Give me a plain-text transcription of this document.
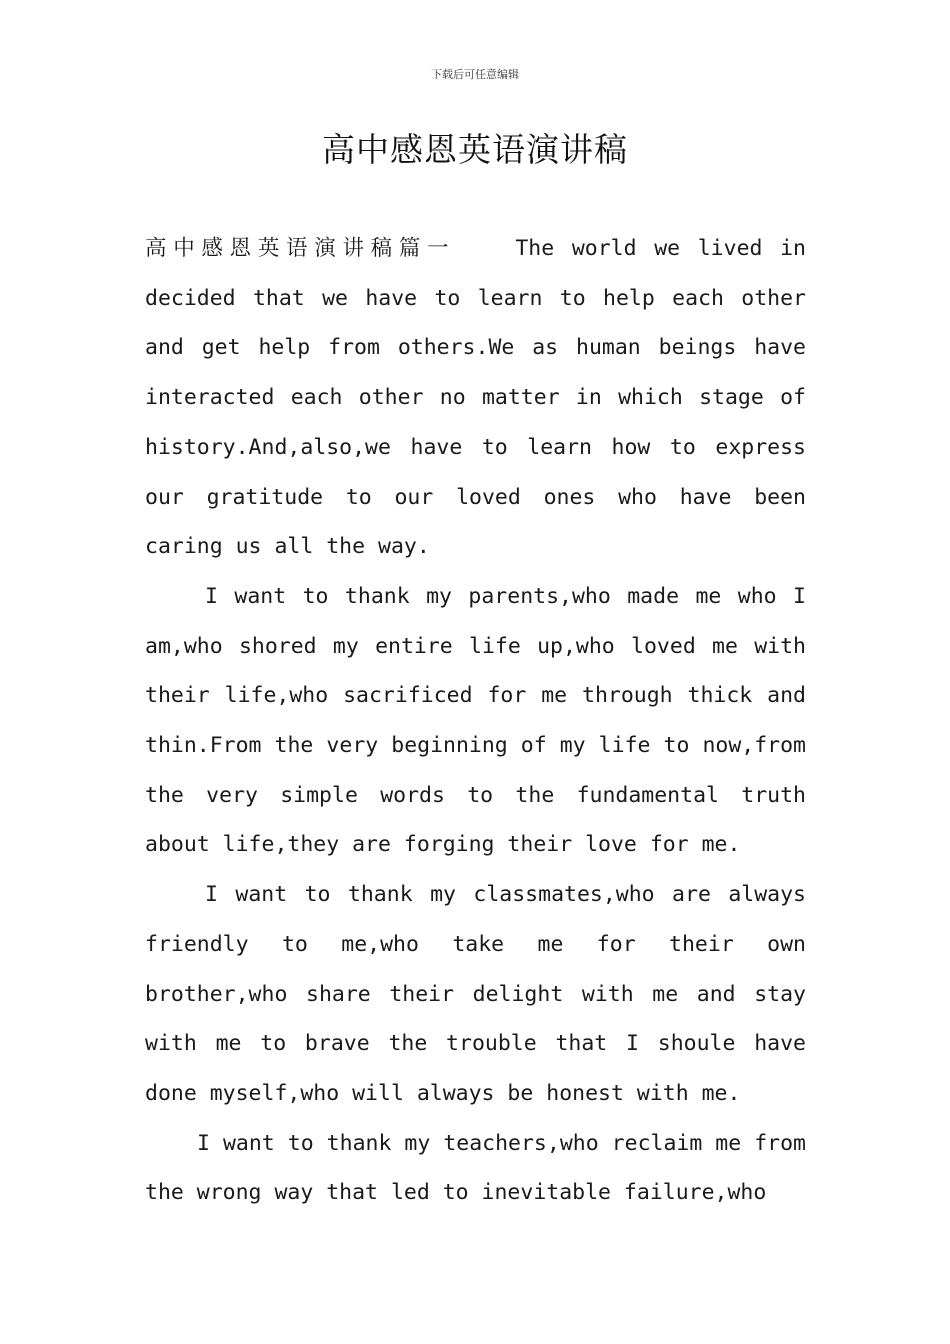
下载后可任意编辑
高中感恩英语演讲稿

高中感恩英语演讲稿篇一	The world we lived in decided that we have to learn to help each other and get help from others.We as human beings have interacted each other no matter in which stage of history.And,also,we have to learn how to express our gratitude to our loved ones who have been caring us all the way.

I want to thank my parents,who made me who I am,who shored my entire life up,who loved me with their life,who sacrificed for me through thick and thin.From the very beginning of my life to now,from the very simple words to the fundamental truth about life,they are forging their love for me.

I want to thank my classmates,who are always friendly to me,who take me for their own brother,who share their delight with me and stay with me to brave the trouble that I shoule have done myself,who will always be honest with me.

I want to thank my teachers,who reclaim me from the wrong way that led to inevitable failure,who
